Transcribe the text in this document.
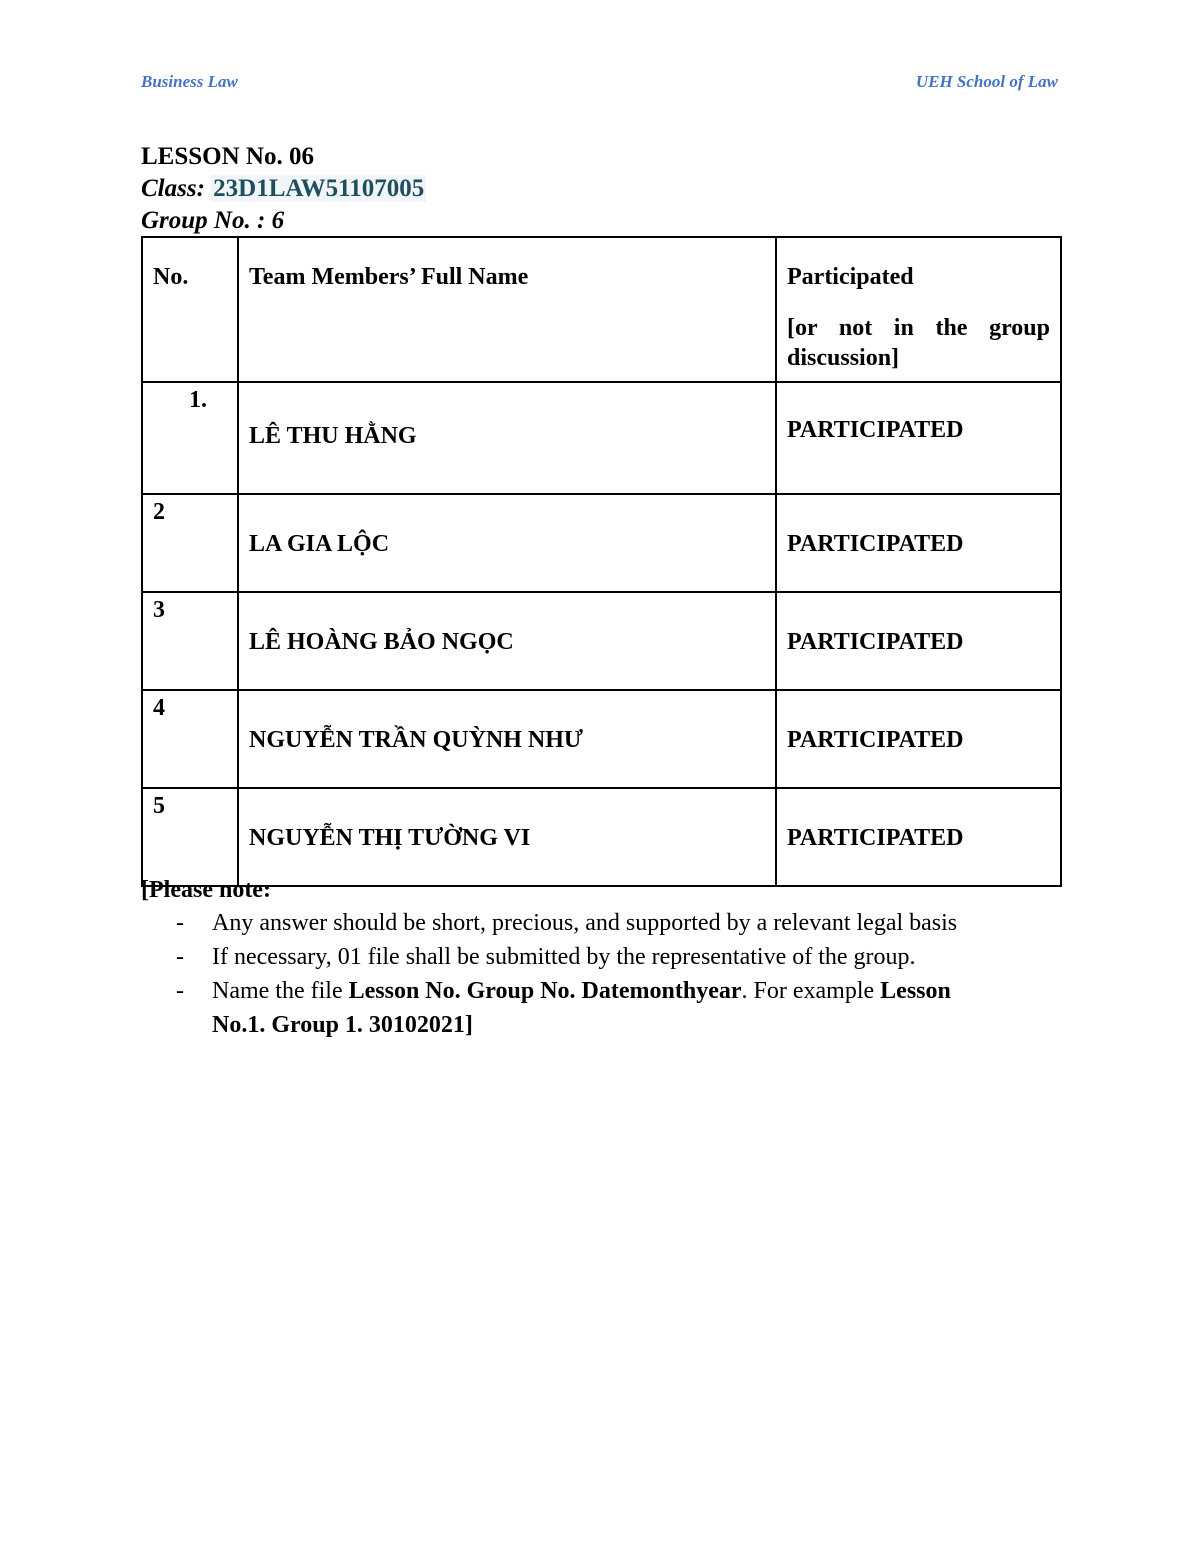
Business Law	UEH School of Law
LESSON No. 06
Class: 23D1LAW51107005
Group No. : 6
No.	Team Members’ Full Name	Participated
[or not in the group
discussion]

1.	LÊ THU HẰNG	PARTICIPATED

2	LA GIA LỘC	PARTICIPATED

3	LÊ HOÀNG BẢO NGỌC	PARTICIPATED

4	NGUYỄN TRẦN QUỲNH NHƯ	PARTICIPATED

5	NGUYỄN THỊ TƯỜNG VI	PARTICIPATED
[Please note:
- Any answer should be short, precious, and supported by a relevant legal basis
- If necessary, 01 file shall be submitted by the representative of the group.
- Name the file Lesson No. Group No. Datemonthyear. For example Lesson
No.1. Group 1. 30102021]
